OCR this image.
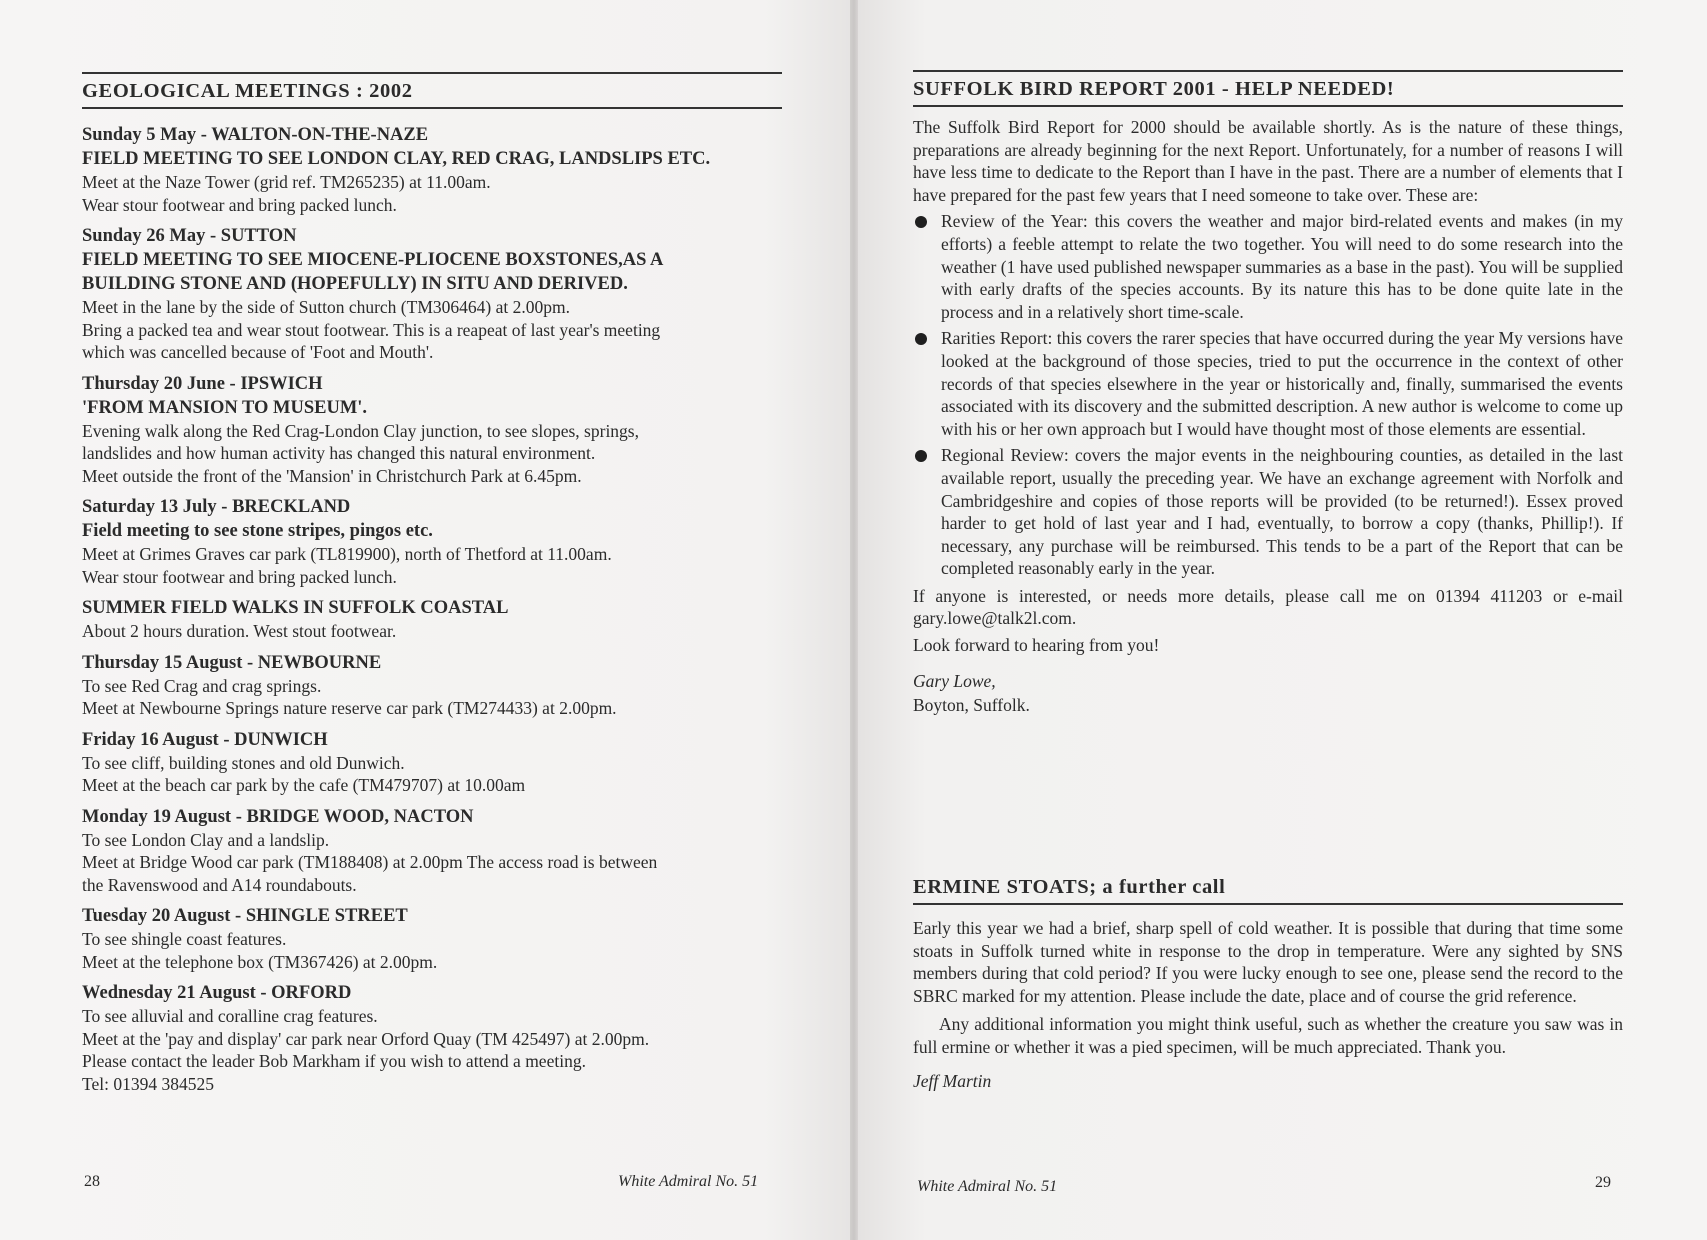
GEOLOGICAL MEETINGS : 2002
Sunday 5 May - WALTON-ON-THE-NAZE
FIELD MEETING TO SEE LONDON CLAY, RED CRAG, LANDSLIPS ETC.
Meet at the Naze Tower (grid ref. TM265235) at 11.00am.
Wear stour footwear and bring packed lunch.
Sunday 26 May - SUTTON
FIELD MEETING TO SEE MIOCENE-PLIOCENE BOXSTONES,AS A
BUILDING STONE AND (HOPEFULLY) IN SITU AND DERIVED.
Meet in the lane by the side of Sutton church (TM306464) at 2.00pm.
Bring a packed tea and wear stout footwear. This is a reapeat of last year's meeting
which was cancelled because of 'Foot and Mouth'.
Thursday 20 June - IPSWICH
'FROM MANSION TO MUSEUM'.
Evening walk along the Red Crag-London Clay junction, to see slopes, springs,
landslides and how human activity has changed this natural environment.
Meet outside the front of the 'Mansion' in Christchurch Park at 6.45pm.
Saturday 13 July - BRECKLAND
Field meeting to see stone stripes, pingos etc.
Meet at Grimes Graves car park (TL819900), north of Thetford at 11.00am.
Wear stour footwear and bring packed lunch.
SUMMER FIELD WALKS IN SUFFOLK COASTAL
About 2 hours duration. West stout footwear.
Thursday 15 August - NEWBOURNE
To see Red Crag and crag springs.
Meet at Newbourne Springs nature reserve car park (TM274433) at 2.00pm.
Friday 16 August - DUNWICH
To see cliff, building stones and old Dunwich.
Meet at the beach car park by the cafe (TM479707) at 10.00am
Monday 19 August - BRIDGE WOOD, NACTON
To see London Clay and a landslip.
Meet at Bridge Wood car park (TM188408) at 2.00pm The access road is between
the Ravenswood and A14 roundabouts.
Tuesday 20 August - SHINGLE STREET
To see shingle coast features.
Meet at the telephone box (TM367426) at 2.00pm.
Wednesday 21 August - ORFORD
To see alluvial and coralline crag features.
Meet at the 'pay and display' car park near Orford Quay (TM 425497) at 2.00pm.
Please contact the leader Bob Markham if you wish to attend a meeting.
Tel: 01394 384525
28	White Admiral No. 51
SUFFOLK BIRD REPORT 2001 - HELP NEEDED!
The Suffolk Bird Report for 2000 should be available shortly. As is the nature of these things, preparations are already beginning for the next Report. Unfortunately, for a number of reasons I will have less time to dedicate to the Report than I have in the past. There are a number of elements that I have prepared for the past few years that I need someone to take over. These are:
Review of the Year: this covers the weather and major bird-related events and makes (in my efforts) a feeble attempt to relate the two together. You will need to do some research into the weather (1 have used published newspaper summaries as a base in the past). You will be supplied with early drafts of the species accounts. By its nature this has to be done quite late in the process and in a relatively short time-scale.
Rarities Report: this covers the rarer species that have occurred during the year My versions have looked at the background of those species, tried to put the occurrence in the context of other records of that species elsewhere in the year or historically and, finally, summarised the events associated with its discovery and the submitted description. A new author is welcome to come up with his or her own approach but I would have thought most of those elements are essential.
Regional Review: covers the major events in the neighbouring counties, as detailed in the last available report, usually the preceding year. We have an exchange agreement with Norfolk and Cambridgeshire and copies of those reports will be provided (to be returned!). Essex proved harder to get hold of last year and I had, eventually, to borrow a copy (thanks, Phillip!). If necessary, any purchase will be reimbursed. This tends to be a part of the Report that can be completed reasonably early in the year.
If anyone is interested, or needs more details, please call me on 01394 411203 or e-mail gary.lowe@talk2l.com.
Look forward to hearing from you!
Gary Lowe,
Boyton, Suffolk.
ERMINE STOATS; a further call
Early this year we had a brief, sharp spell of cold weather. It is possible that during that time some stoats in Suffolk turned white in response to the drop in temperature. Were any sighted by SNS members during that cold period? If you were lucky enough to see one, please send the record to the SBRC marked for my attention. Please include the date, place and of course the grid reference.
Any additional information you might think useful, such as whether the creature you saw was in full ermine or whether it was a pied specimen, will be much appreciated. Thank you.
Jeff Martin
White Admiral No. 51	29
